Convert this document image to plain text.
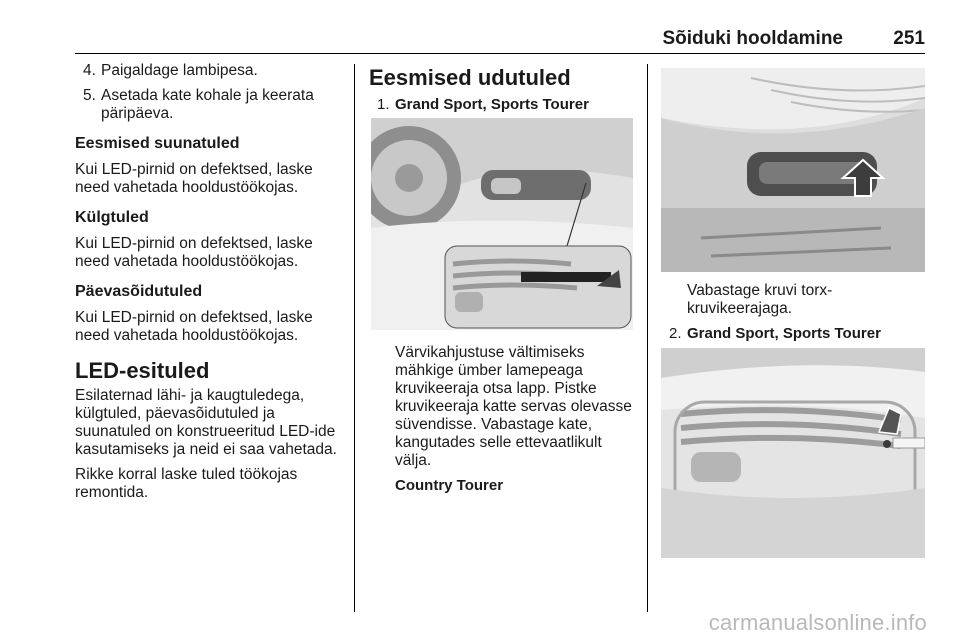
Sõiduki hooldamine	251
4. Paigaldage lambipesa.
5. Asetada kate kohale ja keerata päripäeva.
Eesmised suunatuled

Kui LED-pirnid on defektsed, laske need vahetada hooldustöökojas.

Külgtuled

Kui LED-pirnid on defektsed, laske need vahetada hooldustöökojas.

Päevasõidutuled

Kui LED-pirnid on defektsed, laske need vahetada hooldustöökojas.

LED-esituled

Esilaternad lähi- ja kaugtuledega, külgtuled, päevasõidutuled ja suunatuled on konstrueeritud LED-ide kasutamiseks ja neid ei saa vahetada.

Rikke korral laske tuled töökojas remontida.

Eesmised udutuled
1. Grand Sport, Sports Tourer

Värvikahjustuse vältimiseks mähkige ümber lamepeaga kruvikeeraja otsa lapp. Pistke kruvikeeraja katte servas olevasse süvendisse. Vabastage kate, kangutades selle ettevaatlikult välja.

Country Tourer

Vabastage kruvi torx-kruvikeerajaga.

2. Grand Sport, Sports Tourer
carmanualsonline.info
